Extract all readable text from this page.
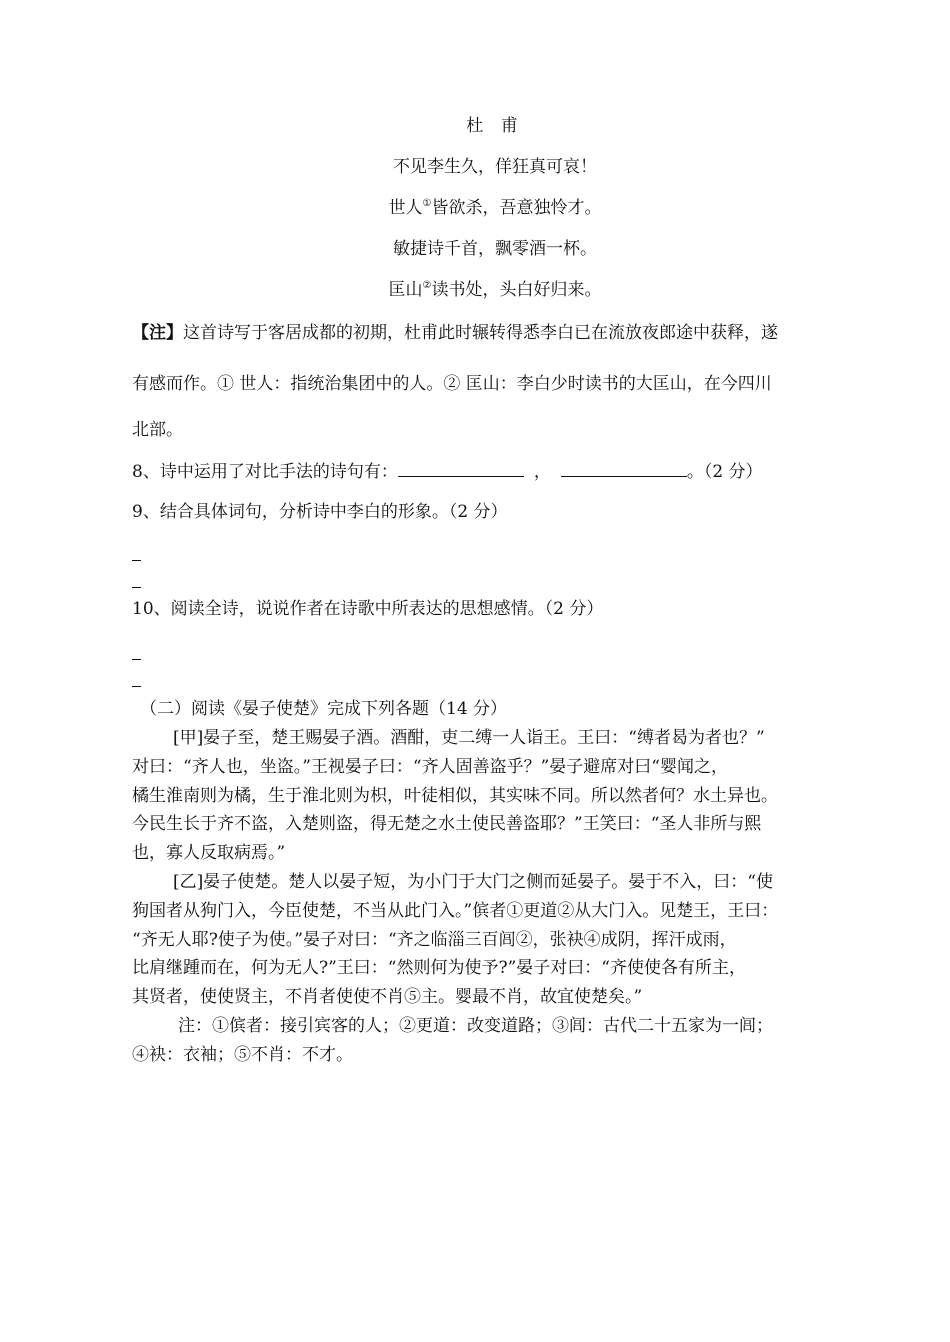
杜 甫
不见李生久，佯狂真可哀！
世人①皆欲杀，吾意独怜才。
敏捷诗千首，飘零酒一杯。
匡山②读书处，头白好归来。
【注】这首诗写于客居成都的初期，杜甫此时辗转得悉李白已在流放夜郎途中获释，遂
有感而作。① 世人：指统治集团中的人。② 匡山：李白少时读书的大匡山，在今四川
北部。
8、诗中运用了对比手法的诗句有：	，	。（2 分）
9、结合具体词句，分析诗中李白的形象。（2 分）
10、阅读全诗，说说作者在诗歌中所表达的思想感情。（2 分）
（二）阅读《晏子使楚》完成下列各题（14 分）
[甲]晏子至，楚王赐晏子酒。酒酣，吏二缚一人诣王。王曰：“缚者曷为者也？”
对曰：“齐人也，坐盗。”王视晏子曰：“齐人固善盗乎？”晏子避席对曰“婴闻之，
橘生淮南则为橘，生于淮北则为枳，叶徒相似，其实味不同。所以然者何？水土异也。
今民生长于齐不盗，入楚则盗，得无楚之水土使民善盗耶？”王笑曰：“圣人非所与熙
也，寡人反取病焉。”
[乙]晏子使楚。楚人以晏子短，为小门于大门之侧而延晏子。晏于不入，曰：“使
狗国者从狗门入，今臣使楚，不当从此门入。”傧者①更道②从大门入。见楚王，王曰：
“齐无人耶?使子为使。”晏子对曰：“齐之临淄三百闾②，张袂④成阴，挥汗成雨，
比肩继踵而在，何为无人?”王曰：“然则何为使予?”晏子对曰：“齐使使各有所主，
其贤者，使使贤主，不肖者使使不肖⑤主。婴最不肖，故宜使楚矣。”
注：①傧者：接引宾客的人；②更道：改变道路；③闾：古代二十五家为一闾；
④袂：衣袖；⑤不肖：不才。
